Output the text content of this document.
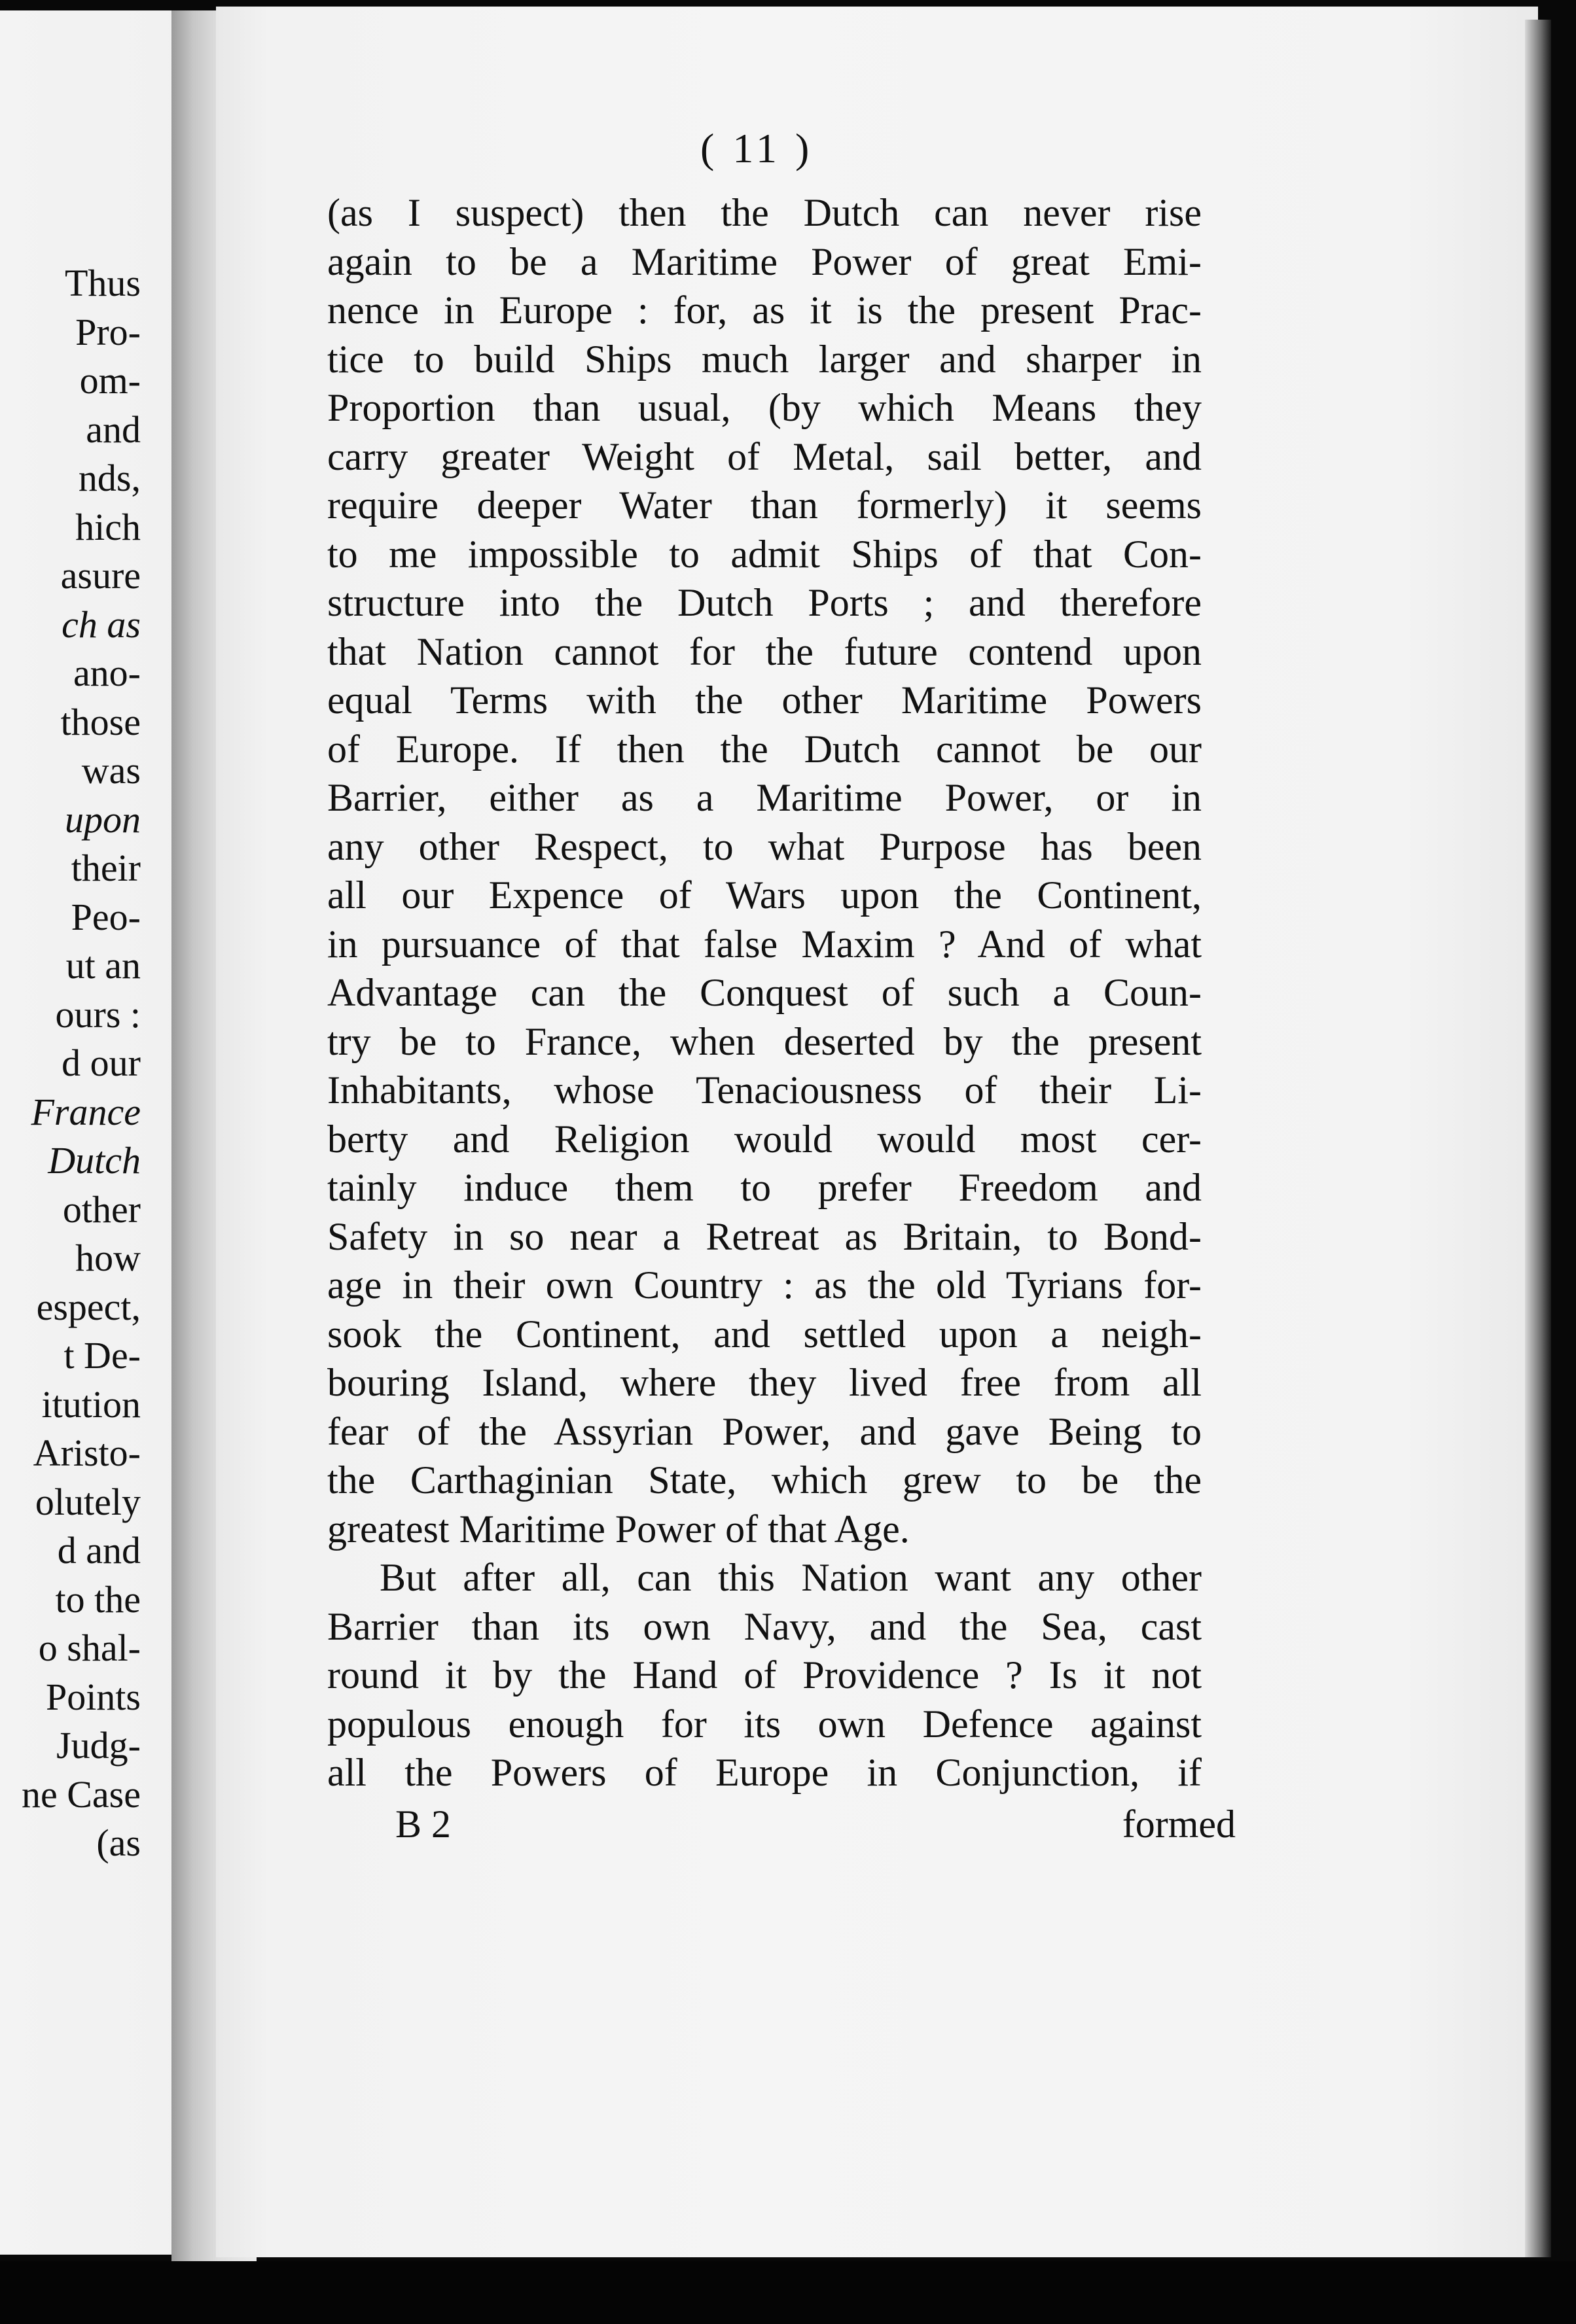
Thus
Pro-
om-
and
nds,
hich
asure
ch as
ano-
those
was
upon
their
Peo-
ut an
ours :
d our
France
Dutch
other
how
espect,
t De-
itution
Aristo-
olutely
d and
to the
o shal-
Points
Judg-
ne Case
(as
( 11 )
(as I suspect) then the Dutch can never rise
again to be a Maritime Power of great Emi-
nence in Europe : for, as it is the present Prac-
tice to build Ships much larger and sharper in
Proportion than usual, (by which Means they
carry greater Weight of Metal, sail better, and
require deeper Water than formerly) it seems
to me impossible to admit Ships of that Con-
structure into the Dutch Ports ; and therefore
that Nation cannot for the future contend upon
equal Terms with the other Maritime Powers
of Europe. If then the Dutch cannot be our
Barrier, either as a Maritime Power, or in
any other Respect, to what Purpose has been
all our Expence of Wars upon the Continent,
in pursuance of that false Maxim ? And of what
Advantage can the Conquest of such a Coun-
try be to France, when deserted by the present
Inhabitants, whose Tenaciousness of their Li-
berty and Religion would would most cer-
tainly induce them to prefer Freedom and
Safety in so near a Retreat as Britain, to Bond-
age in their own Country : as the old Tyrians for-
sook the Continent, and settled upon a neigh-
bouring Island, where they lived free from all
fear of the Assyrian Power, and gave Being to
the Carthaginian State, which grew to be the
greatest Maritime Power of that Age.
But after all, can this Nation want any other
Barrier than its own Navy, and the Sea, cast
round it by the Hand of Providence ? Is it not
populous enough for its own Defence against
all the Powers of Europe in Conjunction, if
B 2	formed
